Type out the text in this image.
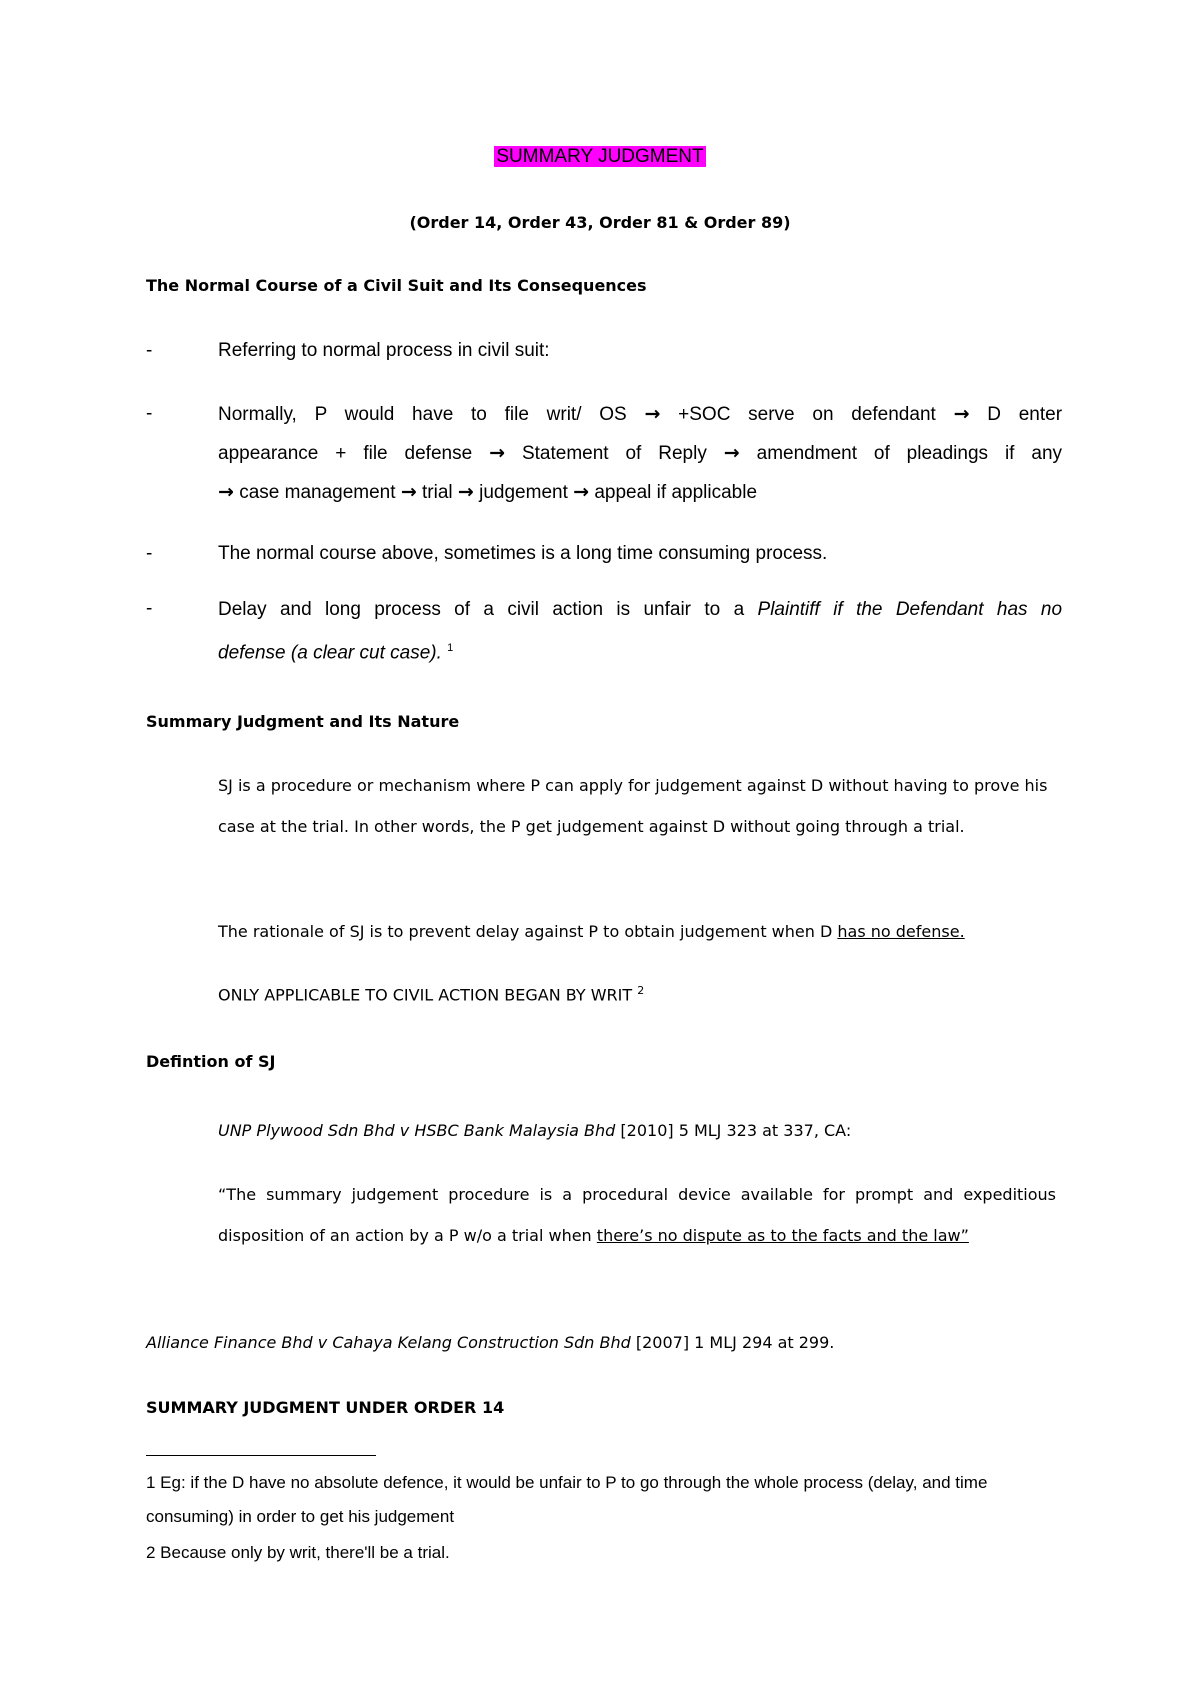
SUMMARY JUDGMENT
(Order 14, Order 43, Order 81 & Order 89)
The Normal Course of a Civil Suit and Its Consequences
-	Referring to normal process in civil suit:
-	Normally, P would have to file writ/ OS → +SOC serve on defendant → D enter
appearance + file defense → Statement of Reply → amendment of pleadings if any
→ case management → trial → judgement → appeal if applicable
-	The normal course above, sometimes is a long time consuming process.
-	Delay and long process of a civil action is unfair to a Plaintiff if the Defendant has no
defense (a clear cut case). $^1$
Summary Judgment and Its Nature
SJ is a procedure or mechanism where P can apply for judgement against D without having to prove his case at the trial. In other words, the P get judgement against D without going through a trial.
The rationale of SJ is to prevent delay against P to obtain judgement when D has no defense.
ONLY APPLICABLE TO CIVIL ACTION BEGAN BY WRIT $^2$
Defintion of SJ
UNP Plywood Sdn Bhd v HSBC Bank Malaysia Bhd [2010] 5 MLJ 323 at 337, CA:
“The summary judgement procedure is a procedural device available for prompt and expeditious disposition of an action by a P w/o a trial when there’s no dispute as to the facts and the law”
Alliance Finance Bhd v Cahaya Kelang Construction Sdn Bhd [2007] 1 MLJ 294 at 299.
SUMMARY JUDGMENT UNDER ORDER 14
1 Eg: if the D have no absolute defence, it would be unfair to P to go through the whole process (delay, and time consuming) in order to get his judgement
2 Because only by writ, there'll be a trial.
